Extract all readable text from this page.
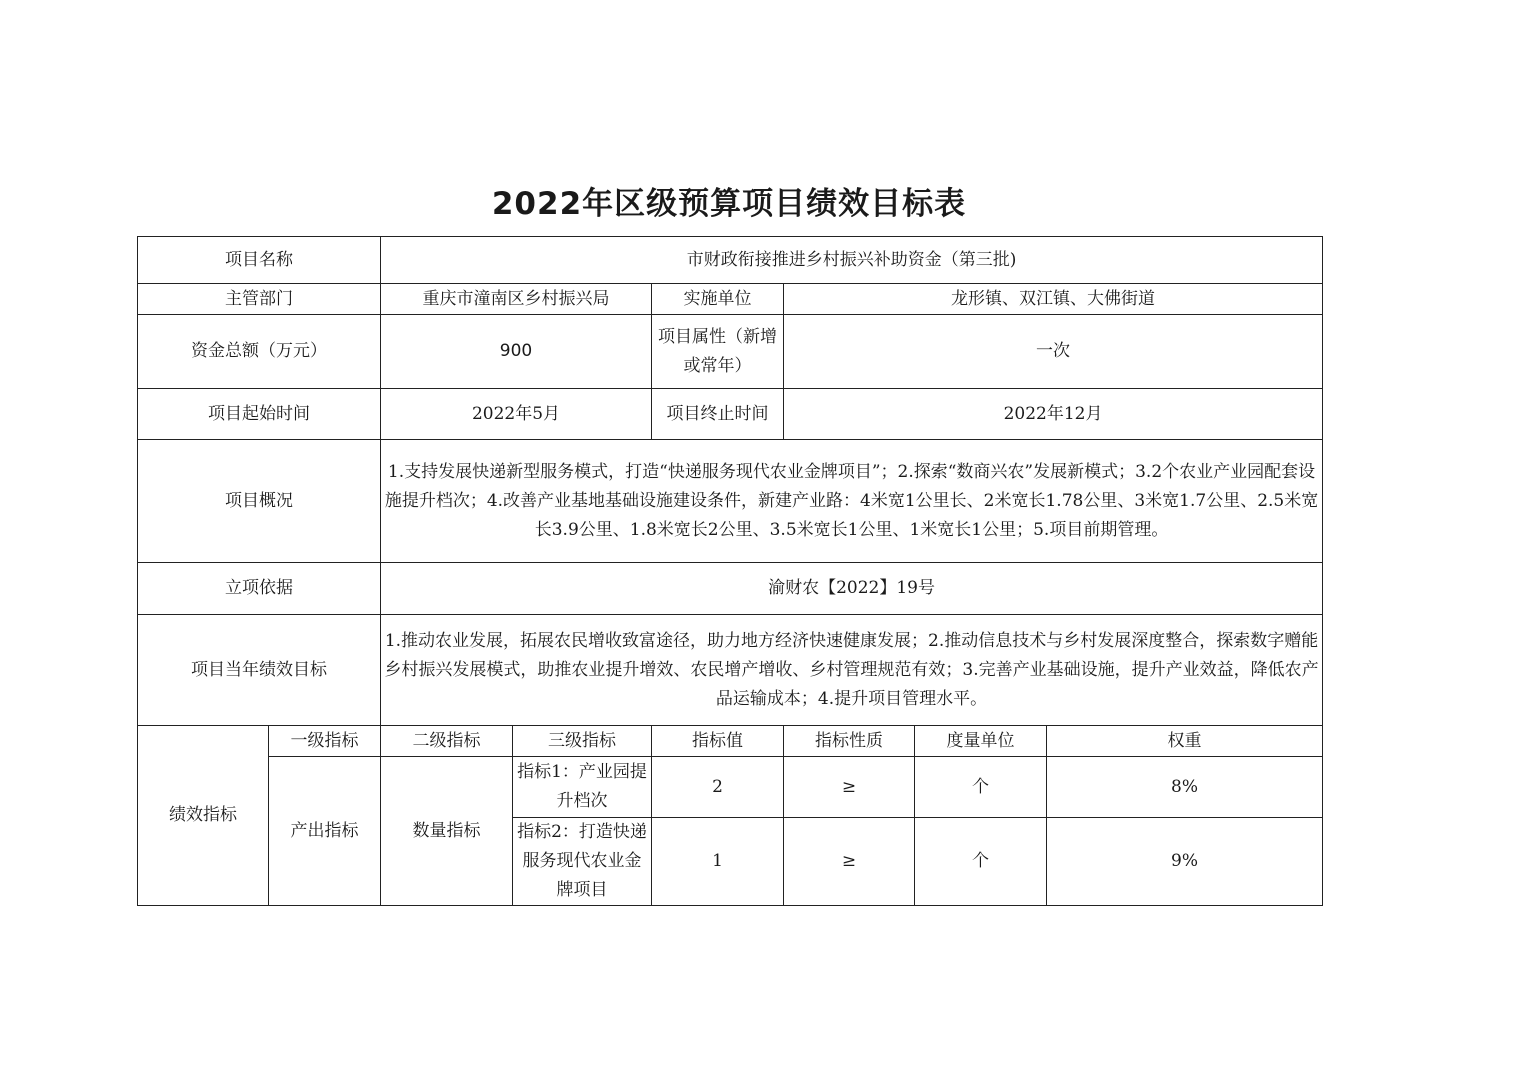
2022年区级预算项目绩效目标表
项目名称		市财政衔接推进乡村振兴补助资金（第三批)					
主管部门		重庆市潼南区乡村振兴局		实施单位	龙形镇、双江镇、大佛街道		
资金总额（万元）		900		项目属性（新增或常年）	一次		
项目起始时间		2022年5月		项目终止时间	2022年12月		
项目概况		1.支持发展快递新型服务模式，打造“快递服务现代农业金牌项目”；2.探索“数商兴农”发展新模式；3.2个农业产业园配套设施提升档次；4.改善产业基地基础设施建设条件，新建产业路：4米宽1公里长、2米宽长1.78公里、3米宽1.7公里、2.5米宽长3.9公里、1.8米宽长2公里、3.5米宽长1公里、1米宽长1公里；5.项目前期管理。					
立项依据		渝财农【2022】19号					
项目当年绩效目标		1.推动农业发展，拓展农民增收致富途径，助力地方经济快速健康发展；2.推动信息技术与乡村发展深度整合，探索数字赠能乡村振兴发展模式，助推农业提升增效、农民增产增收、乡村管理规范有效；3.完善产业基础设施，提升产业效益，降低农产品运输成本；4.提升项目管理水平。					
绩效指标	一级指标	二级指标	三级指标	指标值	指标性质	度量单位	权重
	产出指标	数量指标	指标1：产业园提升档次	2	≥	个	8%
			指标2：打造快递服务现代农业金牌项目	1	≥	个	9%
